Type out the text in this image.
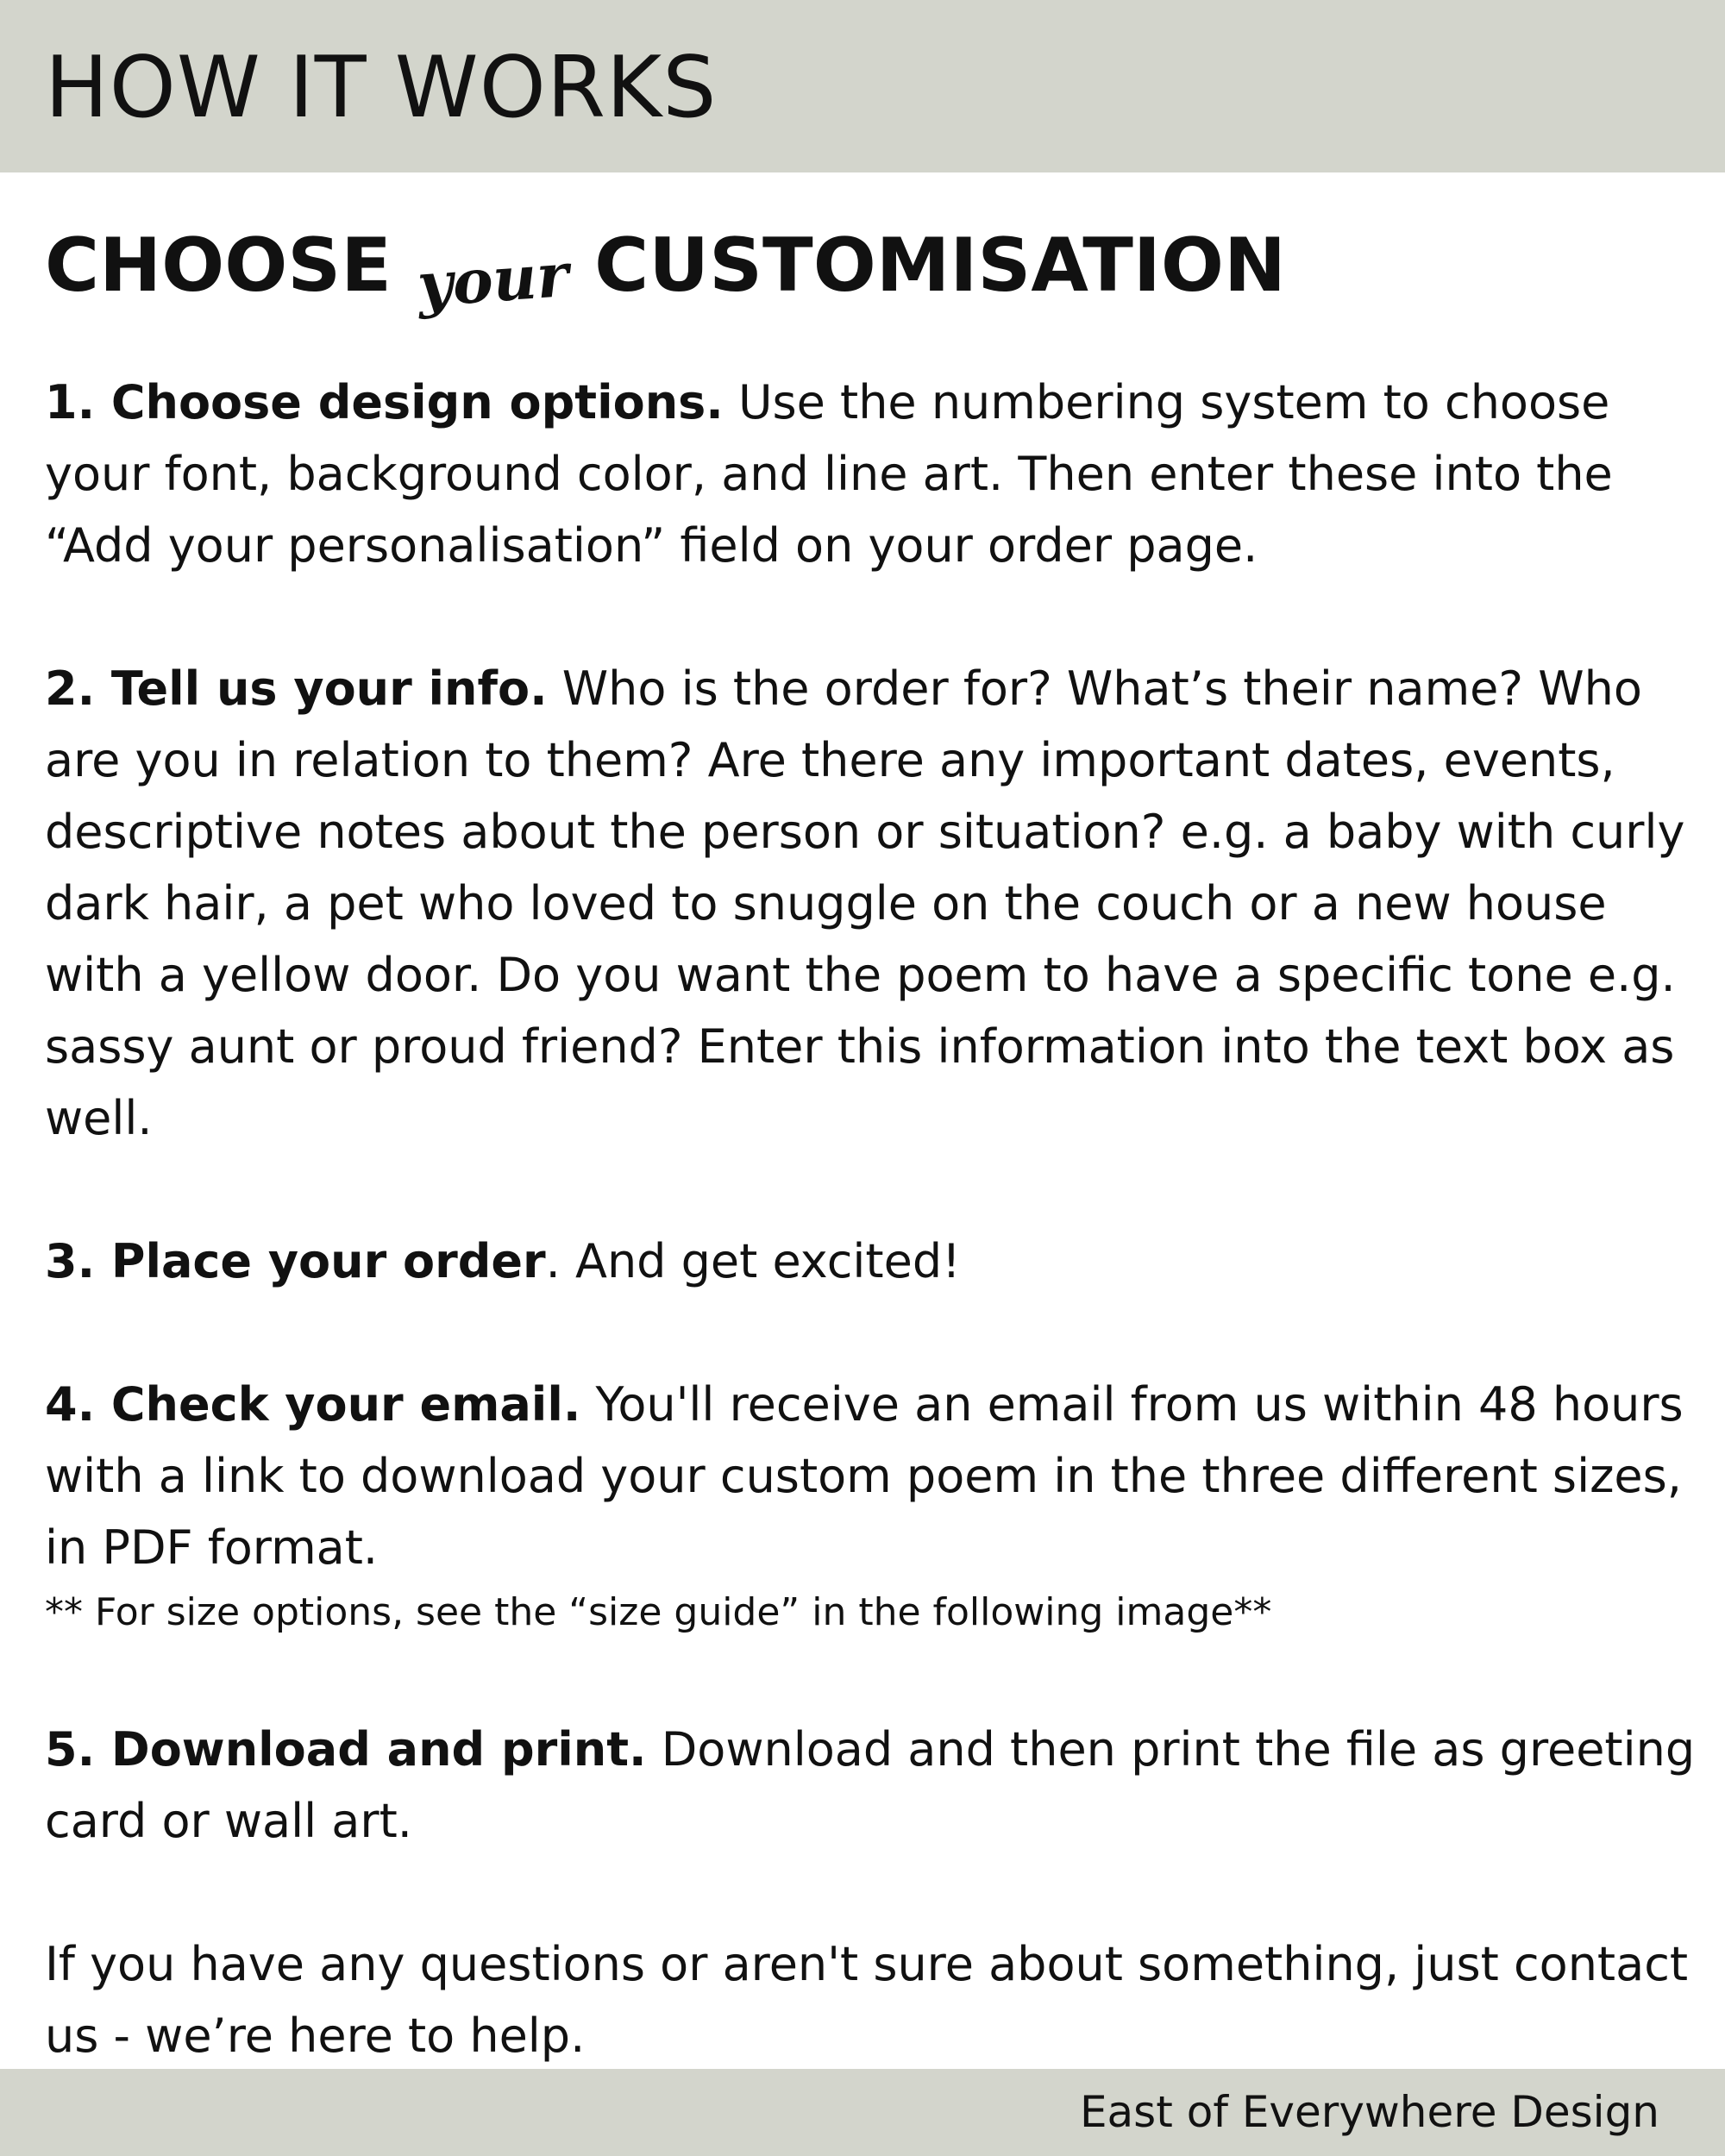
HOW IT WORKS
CHOOSE your CUSTOMISATION

1. Choose design options. Use the numbering system to choose your font, background color, and line art. Then enter these into the “Add your personalisation” field on your order page.

2. Tell us your info. Who is the order for? What’s their name? Who are you in relation to them? Are there any important dates, events, descriptive notes about the person or situation? e.g. a baby with curly dark hair, a pet who loved to snuggle on the couch or a new house with a yellow door. Do you want the poem to have a specific tone e.g. sassy aunt or proud friend? Enter this information into the text box as well.

3. Place your order. And get excited!

4. Check your email. You'll receive an email from us within 48 hours with a link to download your custom poem in the three different sizes, in PDF format.

** For size options, see the “size guide” in the following image**

5. Download and print. Download and then print the file as greeting card or wall art.

If you have any questions or aren't sure about something, just contact us - we’re here to help.

East of Everywhere Design
